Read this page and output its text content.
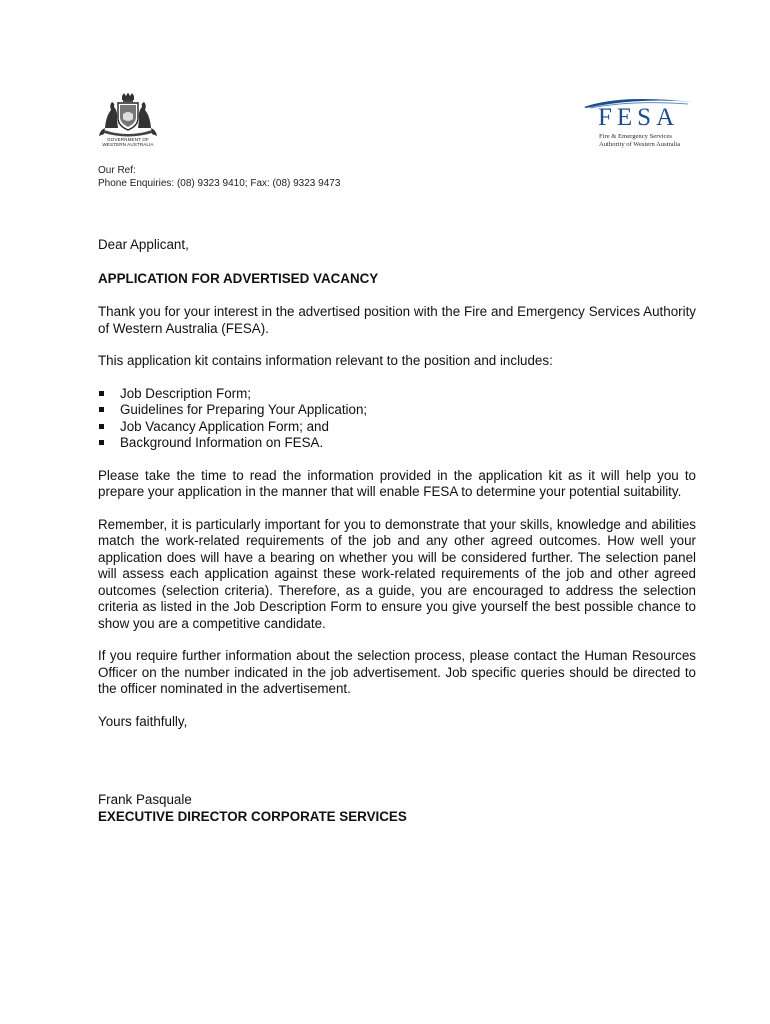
GOVERNMENT OF
WESTERN AUSTRALIA
FESA
Fire & Emergency Services
Authority of Western Australia
Our Ref:
Phone Enquiries: (08) 9323 9410; Fax: (08) 9323 9473

Dear Applicant,

APPLICATION FOR ADVERTISED VACANCY

Thank you for your interest in the advertised position with the Fire and Emergency Services Authority of Western Australia (FESA).

This application kit contains information relevant to the position and includes:

Job Description Form;
Guidelines for Preparing Your Application;
Job Vacancy Application Form; and
Background Information on FESA.

Please take the time to read the information provided in the application kit as it will help you to prepare your application in the manner that will enable FESA to determine your potential suitability.

Remember, it is particularly important for you to demonstrate that your skills, knowledge and abilities match the work-related requirements of the job and any other agreed outcomes. How well your application does will have a bearing on whether you will be considered further. The selection panel will assess each application against these work-related requirements of the job and other agreed outcomes (selection criteria). Therefore, as a guide, you are encouraged to address the selection criteria as listed in the Job Description Form to ensure you give yourself the best possible chance to show you are a competitive candidate.

If you require further information about the selection process, please contact the Human Resources Officer on the number indicated in the job advertisement. Job specific queries should be directed to the officer nominated in the advertisement.

Yours faithfully,

Frank Pasquale

EXECUTIVE DIRECTOR CORPORATE SERVICES
